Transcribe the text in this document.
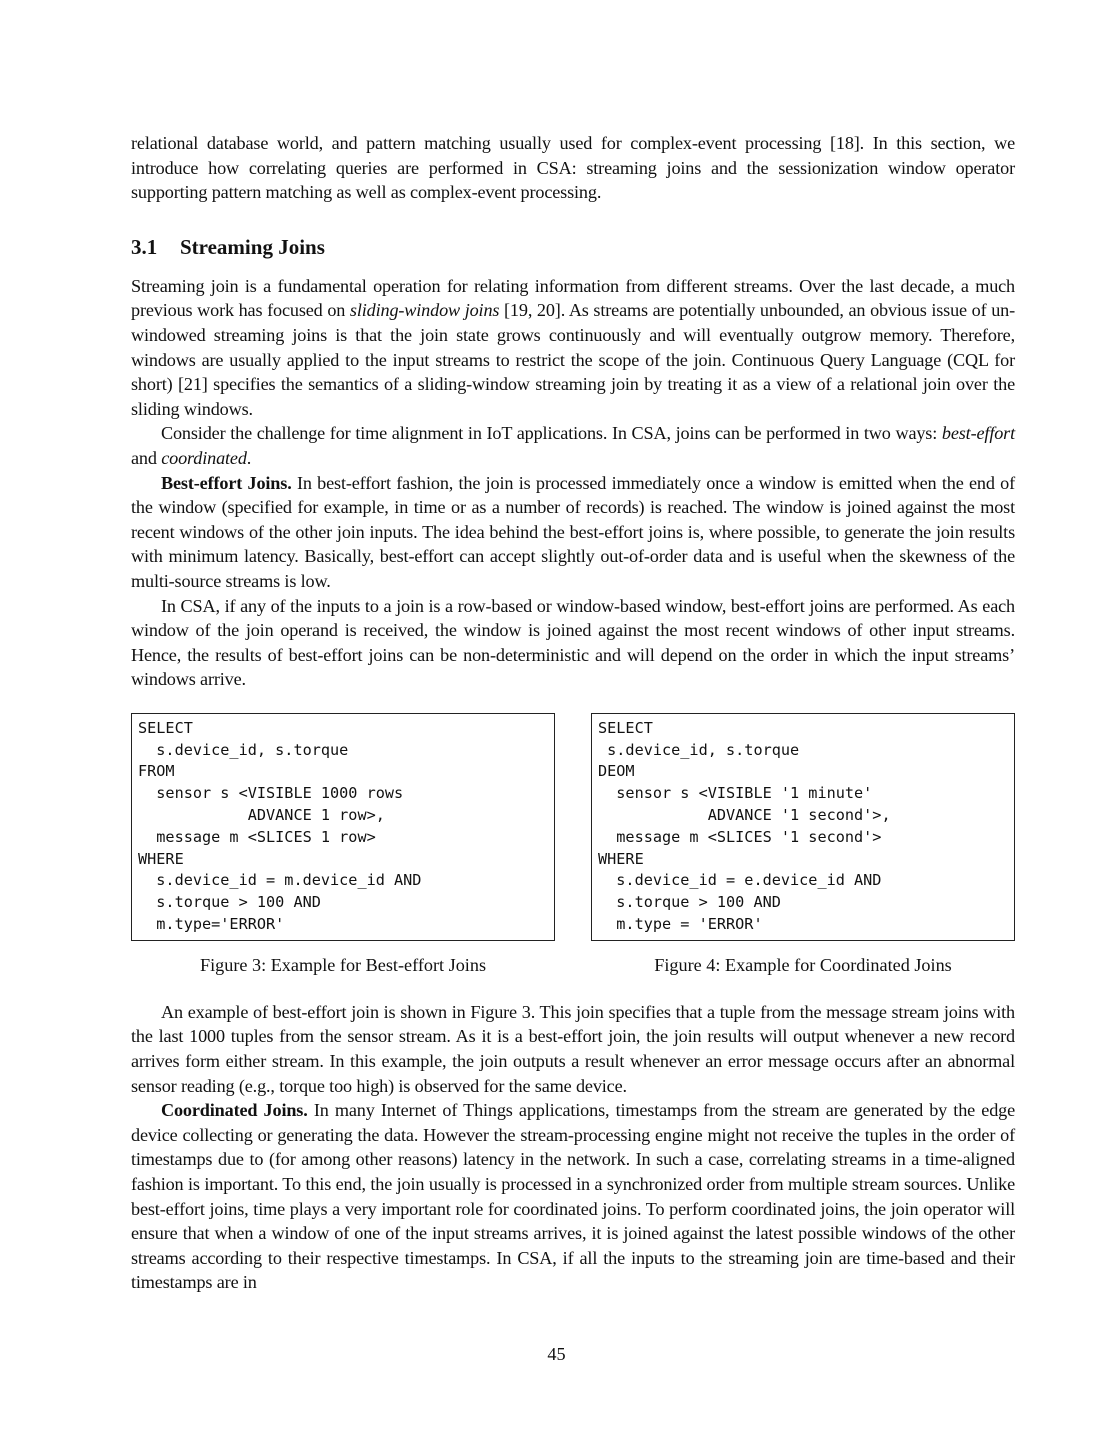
relational database world, and pattern matching usually used for complex-event processing [18]. In this section, we introduce how correlating queries are performed in CSA: streaming joins and the sessionization window operator supporting pattern matching as well as complex-event processing.

3.1	Streaming Joins

Streaming join is a fundamental operation for relating information from different streams. Over the last decade, a much previous work has focused on sliding-window joins [19, 20]. As streams are potentially unbounded, an obvious issue of un-windowed streaming joins is that the join state grows continuously and will eventually outgrow memory. Therefore, windows are usually applied to the input streams to restrict the scope of the join. Continuous Query Language (CQL for short) [21] specifies the semantics of a sliding-window streaming join by treating it as a view of a relational join over the sliding windows.

Consider the challenge for time alignment in IoT applications. In CSA, joins can be performed in two ways: best-effort and coordinated.

Best-effort Joins. In best-effort fashion, the join is processed immediately once a window is emitted when the end of the window (specified for example, in time or as a number of records) is reached. The window is joined against the most recent windows of the other join inputs. The idea behind the best-effort joins is, where possible, to generate the join results with minimum latency. Basically, best-effort can accept slightly out-of-order data and is useful when the skewness of the multi-source streams is low.

In CSA, if any of the inputs to a join is a row-based or window-based window, best-effort joins are performed. As each window of the join operand is received, the window is joined against the most recent windows of other input streams. Hence, the results of best-effort joins can be non-deterministic and will depend on the order in which the input streams’ windows arrive.

SELECT
s.device_id, s.torque
FROM
sensor s <VISIBLE 1000 rows
ADVANCE 1 row>,
message m <SLICES 1 row>
WHERE
s.device_id = m.device_id AND
s.torque > 100 AND
m.type='ERROR'
Figure 3: Example for Best-effort Joins
SELECT
s.device_id, s.torque
DEOM
sensor s <VISIBLE '1 minute'
ADVANCE '1 second'>,
message m <SLICES '1 second'>
WHERE
s.device_id = e.device_id AND
s.torque > 100 AND
m.type = 'ERROR'
Figure 4: Example for Coordinated Joins

An example of best-effort join is shown in Figure 3. This join specifies that a tuple from the message stream joins with the last 1000 tuples from the sensor stream. As it is a best-effort join, the join results will output whenever a new record arrives form either stream. In this example, the join outputs a result whenever an error message occurs after an abnormal sensor reading (e.g., torque too high) is observed for the same device.

Coordinated Joins. In many Internet of Things applications, timestamps from the stream are generated by the edge device collecting or generating the data. However the stream-processing engine might not receive the tuples in the order of timestamps due to (for among other reasons) latency in the network. In such a case, correlating streams in a time-aligned fashion is important. To this end, the join usually is processed in a synchronized order from multiple stream sources. Unlike best-effort joins, time plays a very important role for coordinated joins. To perform coordinated joins, the join operator will ensure that when a window of one of the input streams arrives, it is joined against the latest possible windows of the other streams according to their respective timestamps. In CSA, if all the inputs to the streaming join are time-based and their timestamps are in

45
